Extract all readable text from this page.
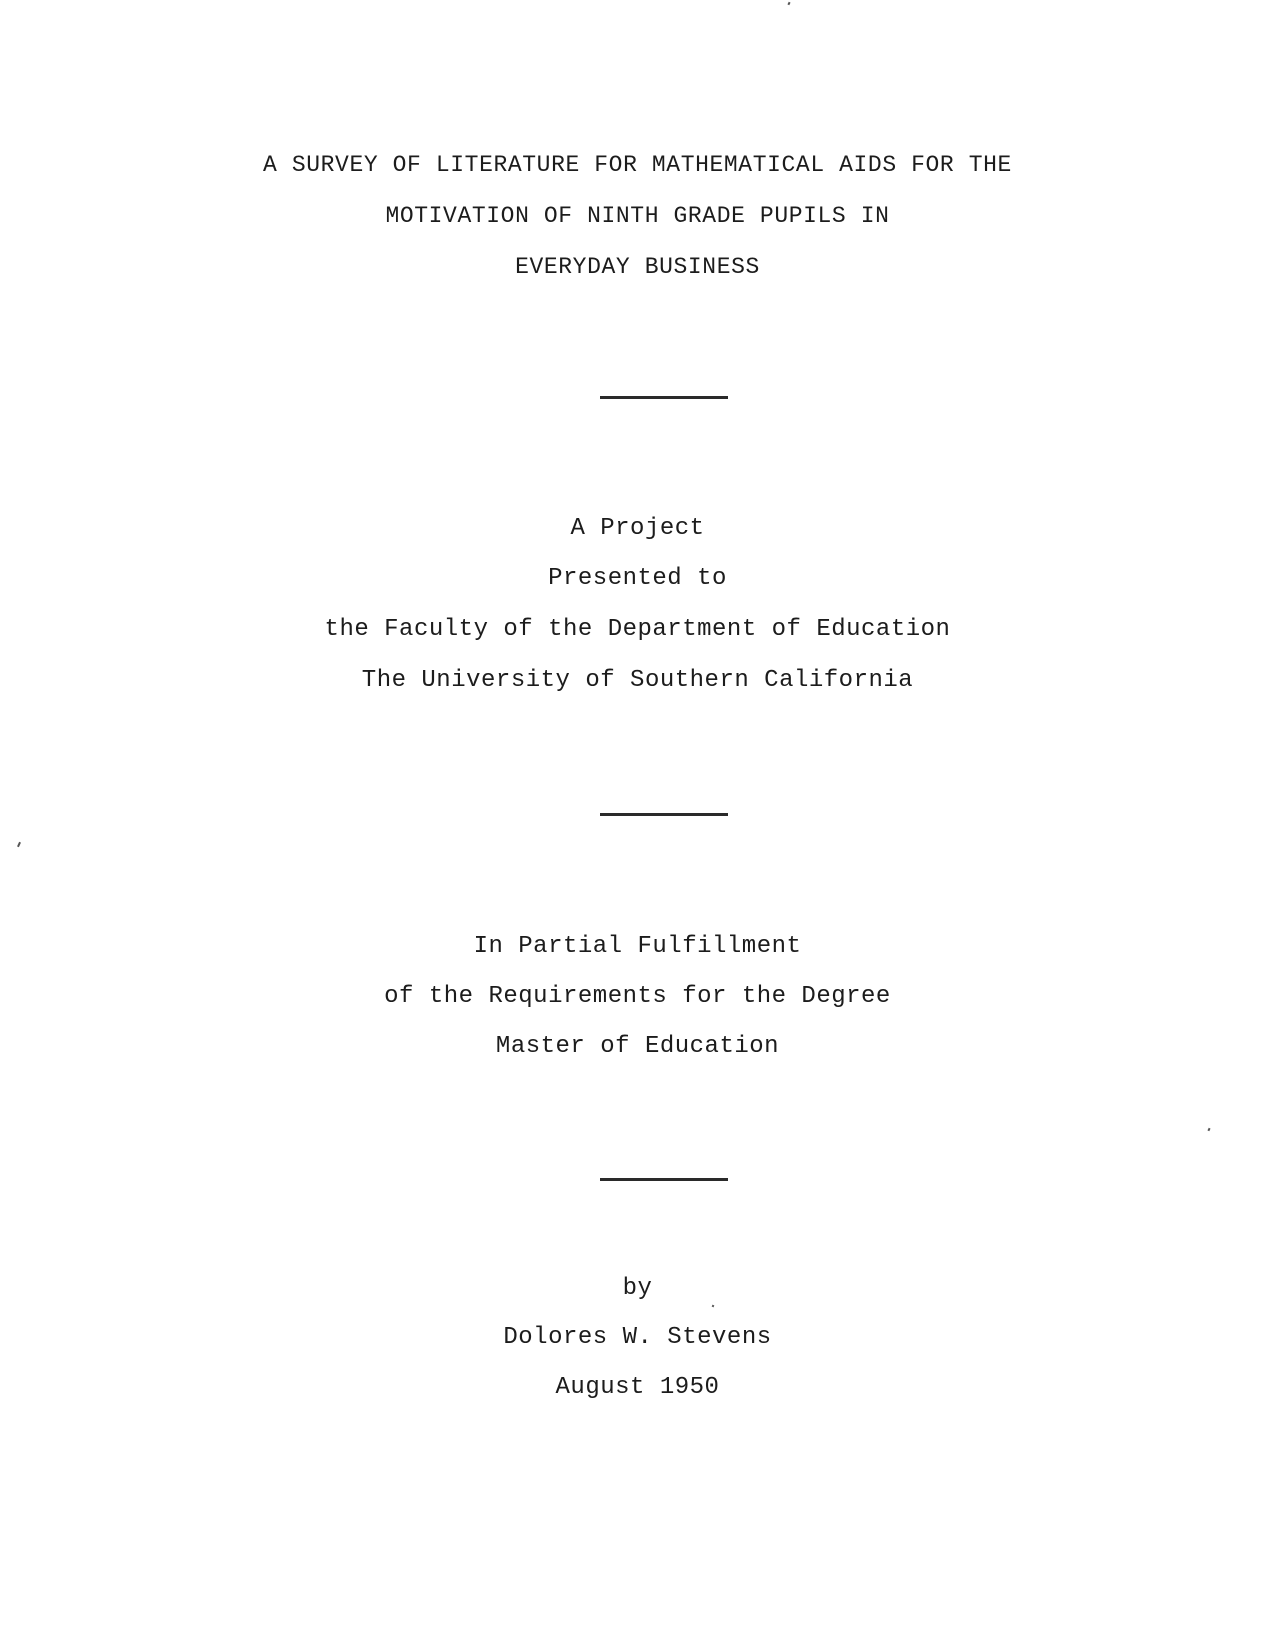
A SURVEY OF LITERATURE FOR MATHEMATICAL AIDS FOR THE
MOTIVATION OF NINTH GRADE PUPILS IN
EVERYDAY BUSINESS
A Project
Presented to
the Faculty of the Department of Education
The University of Southern California
In Partial Fulfillment
of the Requirements for the Degree
Master of Education
by
Dolores W. Stevens
August 1950
